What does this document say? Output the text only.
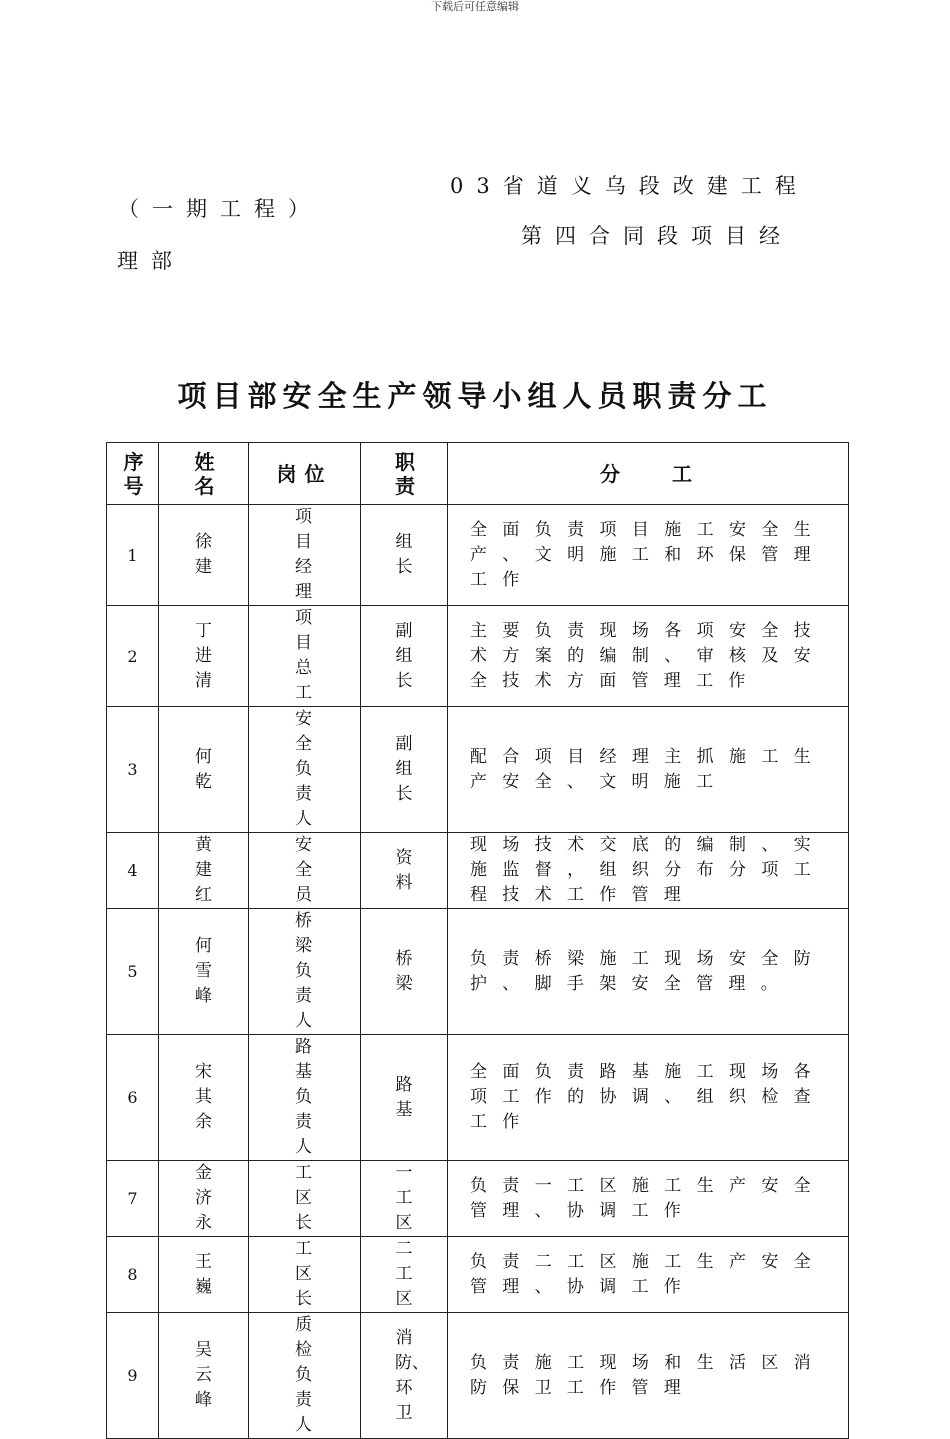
下载后可任意编辑
03省道义乌段改建工程
（一期工程）
第四合同段项目经
理部
项目部安全生产领导小组人员职责分工
序号	姓名	岗位	职责	分　　工
1	徐建	项目经理	组长	全面负责项目施工安全生产、文明施工和环保管理工作
2	丁进清	项目总工	副组长	主要负责现场各项安全技术方案的编制、审核及安全技术方面管理工作
3	何乾	安全负责人	副组长	配合项目经理主抓施工生产安全、文明施工
4	黄建红	安全员	资料	现场技术交底的编制、实施监督，组织分布分项工程技术工作管理
5	何雪峰	桥梁负责人	桥梁	负责桥梁施工现场安全防护、脚手架安全管理。
6	宋其余	路基负责人	路基	全面负责路基施工现场各项工作的协调、组织检查工作
7	金济永	工区长	一工区	负责一工区施工生产安全管理、协调工作
8	王巍	工区长	二工区	负责二工区施工生产安全管理、协调工作
9	吴云峰	质检负责人	消防、环卫	负责施工现场和生活区消防保卫工作管理
